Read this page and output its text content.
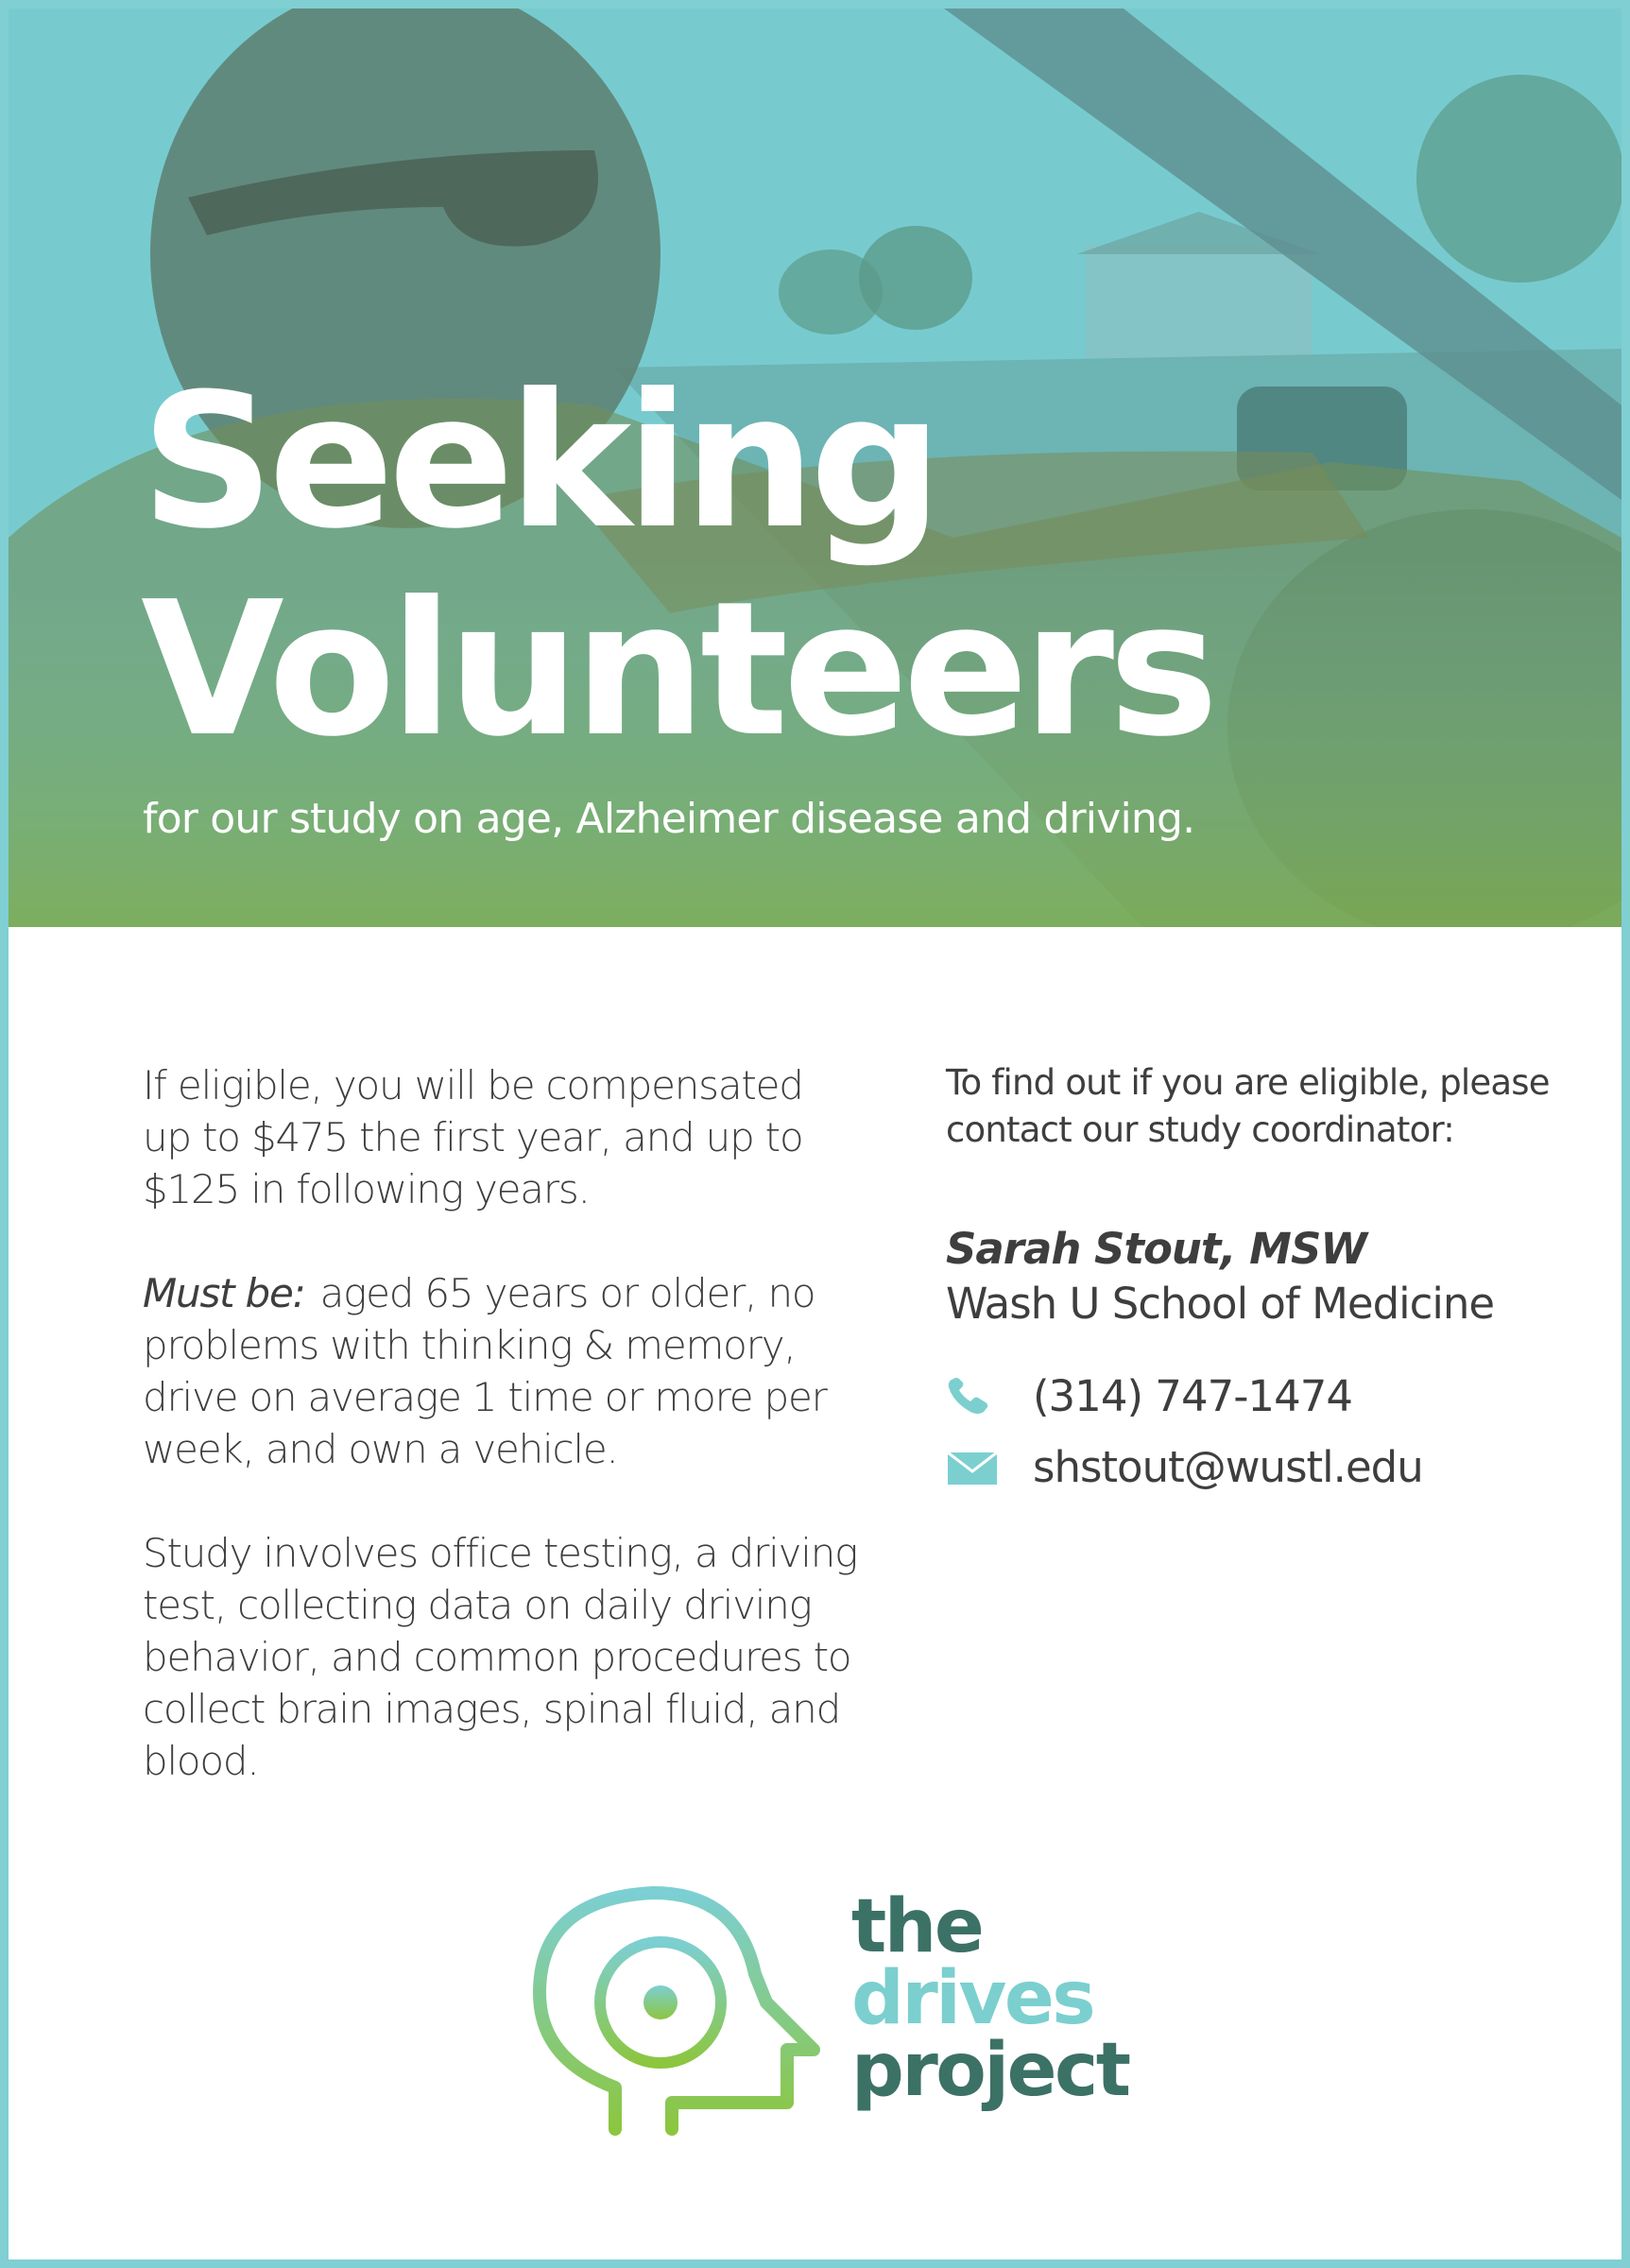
Seeking
Volunteers

for our study on age, Alzheimer disease and driving.

If eligible, you will be compensated up to $475 the first year, and up to $125 in following years.

Must be: aged 65 years or older, no problems with thinking & memory, drive on average 1 time or more per week, and own a vehicle.

Study involves office testing, a driving test, collecting data on daily driving behavior, and common procedures to collect brain images, spinal fluid, and blood.

To find out if you are eligible, please contact our study coordinator:

Sarah Stout, MSW

Wash U School of Medicine

(314) 747-1474
shstout@wustl.edu
the
drives
project
